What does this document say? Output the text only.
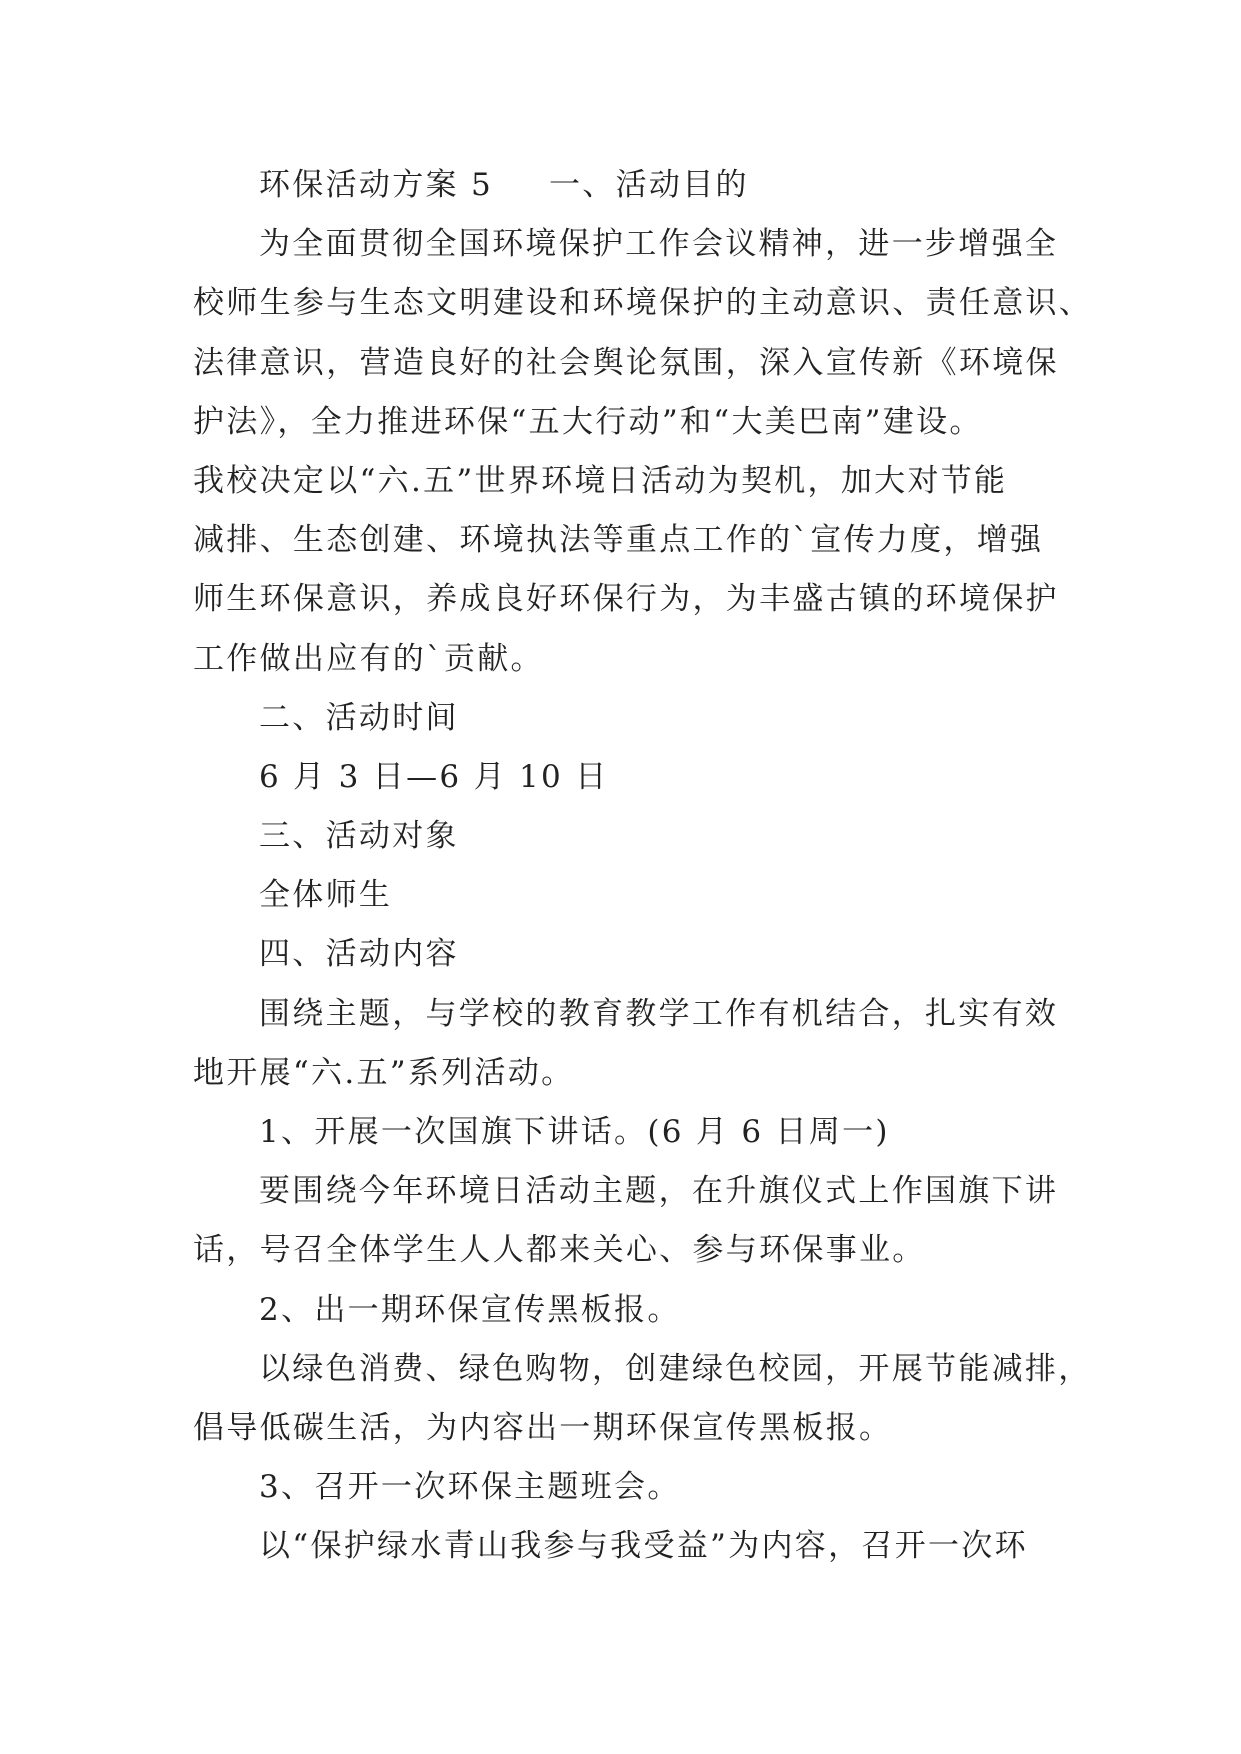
环保活动方案 5 一、活动目的
为全面贯彻全国环境保护工作会议精神，进一步增强全
校师生参与生态文明建设和环境保护的主动意识、责任意识、
法律意识，营造良好的社会舆论氛围，深入宣传新《环境保
护法》，全力推进环保“五大行动”和“大美巴南”建设。
我校决定以“六.五”世界环境日活动为契机，加大对节能
减排、生态创建、环境执法等重点工作的`宣传力度，增强
师生环保意识，养成良好环保行为，为丰盛古镇的环境保护
工作做出应有的`贡献。
二、活动时间
6 月 3 日—6 月 10 日
三、活动对象
全体师生
四、活动内容
围绕主题，与学校的教育教学工作有机结合，扎实有效
地开展“六.五”系列活动。
1、开展一次国旗下讲话。(6 月 6 日周一)
要围绕今年环境日活动主题，在升旗仪式上作国旗下讲
话，号召全体学生人人都来关心、参与环保事业。
2、出一期环保宣传黑板报。
以绿色消费、绿色购物，创建绿色校园，开展节能减排，
倡导低碳生活，为内容出一期环保宣传黑板报。
3、召开一次环保主题班会。
以“保护绿水青山我参与我受益”为内容，召开一次环
